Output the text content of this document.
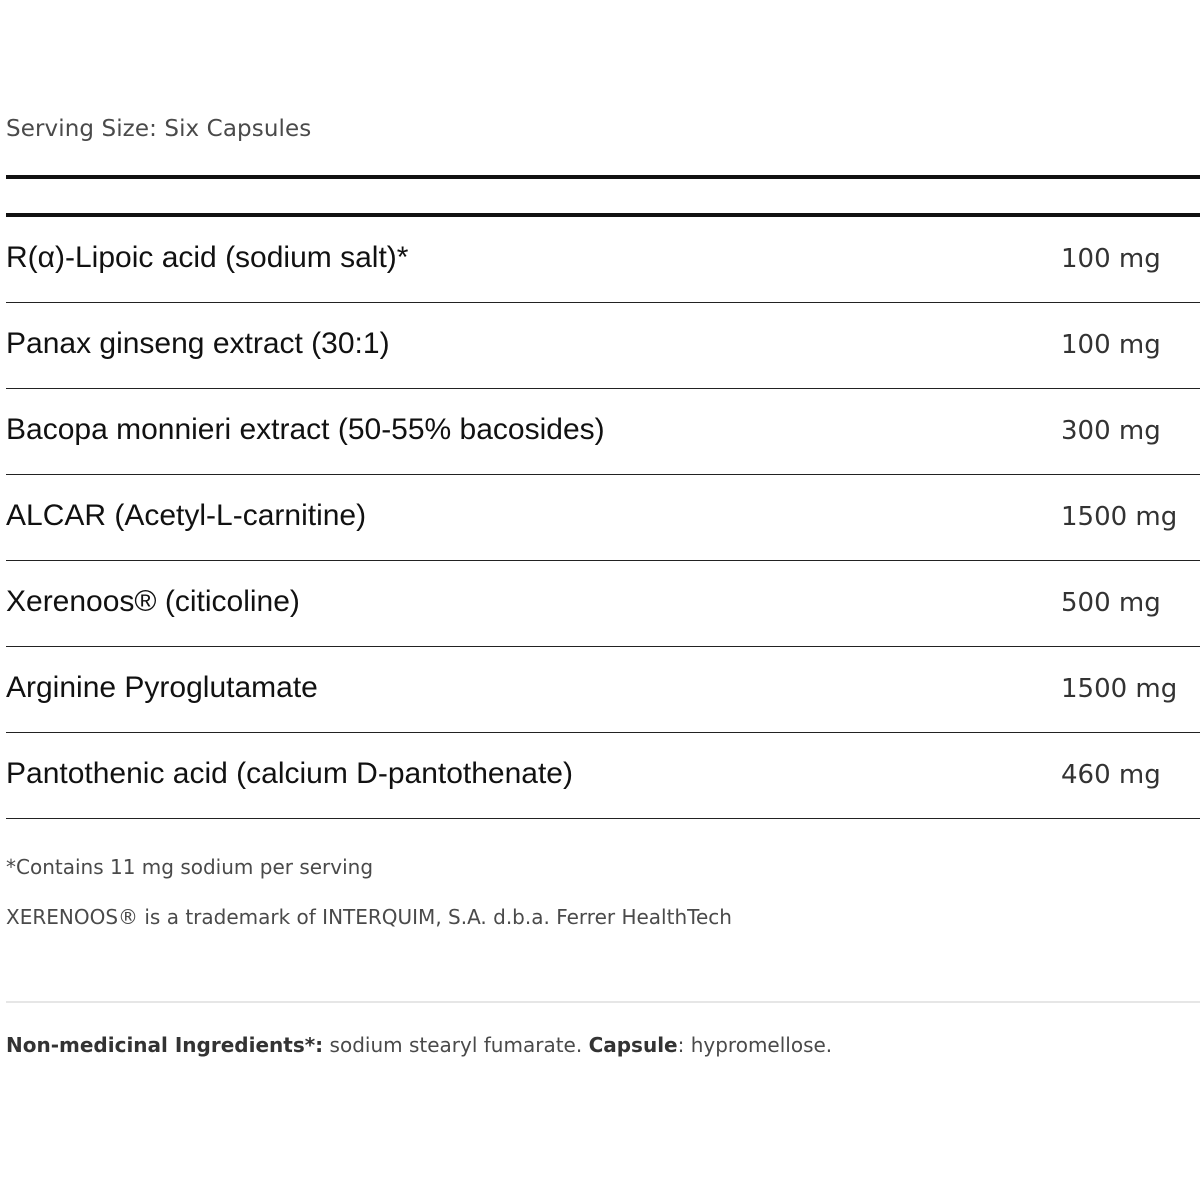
Serving Size: Six Capsules
R(α)-Lipoic acid (sodium salt)*	100 mg
Panax ginseng extract (30:1)	100 mg
Bacopa monnieri extract (50-55% bacosides)	300 mg
ALCAR (Acetyl-L-carnitine)	1500 mg
Xerenoos® (citicoline)	500 mg
Arginine Pyroglutamate	1500 mg
Pantothenic acid (calcium D-pantothenate)	460 mg
*Contains 11 mg sodium per serving
XERENOOS® is a trademark of INTERQUIM, S.A. d.b.a. Ferrer HealthTech
Non-medicinal Ingredients*: sodium stearyl fumarate. Capsule: hypromellose.
